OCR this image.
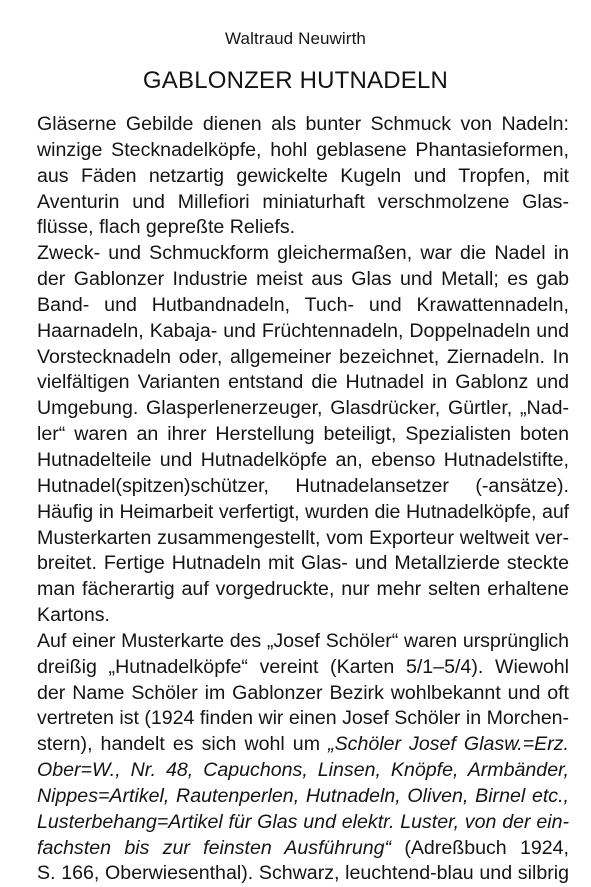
Waltraud Neuwirth
GABLONZER HUTNADELN
Gläserne Gebilde dienen als bunter Schmuck von Nadeln:
winzige Stecknadelköpfe, hohl geblasene Phantasieformen,
aus Fäden netzartig gewickelte Kugeln und Tropfen, mit
Aventurin und Millefiori miniaturhaft verschmolzene Glas-
flüsse, flach gepreßte Reliefs.
Zweck- und Schmuckform gleichermaßen, war die Nadel in
der Gablonzer Industrie meist aus Glas und Metall; es gab
Band- und Hutbandnadeln, Tuch- und Krawattennadeln,
Haarnadeln, Kabaja- und Früchtennadeln, Doppelnadeln und
Vorstecknadeln oder, allgemeiner bezeichnet, Ziernadeln. In
vielfältigen Varianten entstand die Hutnadel in Gablonz und
Umgebung. Glasperlenerzeuger, Glasdrücker, Gürtler, „Nad-
ler“ waren an ihrer Herstellung beteiligt, Spezialisten boten
Hutnadelteile und Hutnadelköpfe an, ebenso Hutnadelstifte,
Hutnadel(spitzen)schützer, Hutnadelansetzer (-ansätze).
Häufig in Heimarbeit verfertigt, wurden die Hutnadelköpfe, auf
Musterkarten zusammengestellt, vom Exporteur weltweit ver-
breitet. Fertige Hutnadeln mit Glas- und Metallzierde steckte
man fächerartig auf vorgedruckte, nur mehr selten erhaltene
Kartons.
Auf einer Musterkarte des „Josef Schöler“ waren ursprünglich
dreißig „Hutnadelköpfe“ vereint (Karten 5/1–5/4). Wiewohl
der Name Schöler im Gablonzer Bezirk wohlbekannt und oft
vertreten ist (1924 finden wir einen Josef Schöler in Morchen-
stern), handelt es sich wohl um „Schöler Josef Glasw.=Erz.
Ober=W., Nr. 48, Capuchons, Linsen, Knöpfe, Armbänder,
Nippes=Artikel, Rautenperlen, Hutnadeln, Oliven, Birnel etc.,
Lusterbehang=Artikel für Glas und elektr. Luster, von der ein-
fachsten bis zur feinsten Ausführung“ (Adreßbuch 1924,
S. 166, Oberwiesenthal). Schwarz, leuchtend-blau und silbrig
